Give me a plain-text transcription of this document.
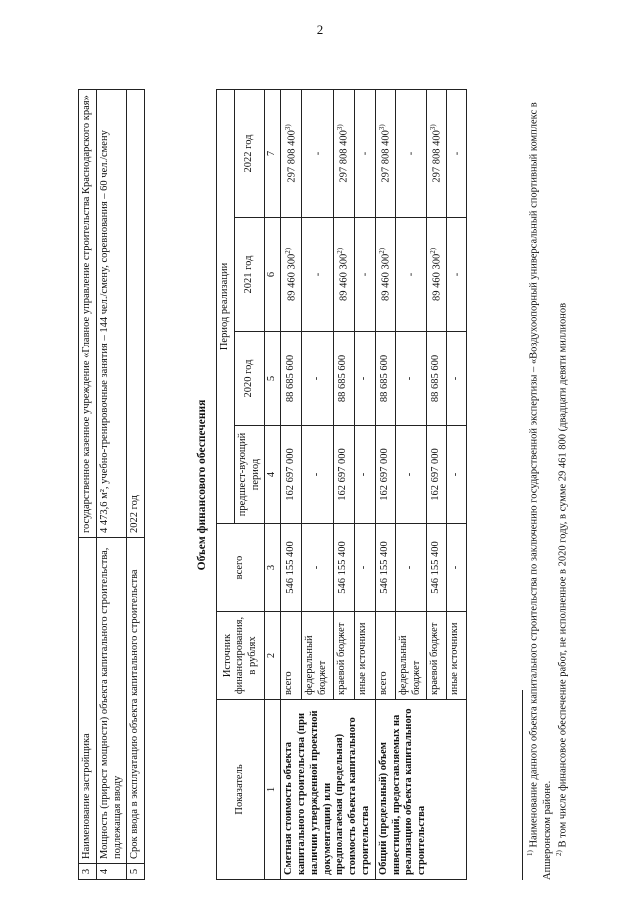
2
3	Наименование застройщика	государственное казенное учреждение «Главное управление строительства Краснодарского края»
4	Мощность (прирост мощности) объекта капитального строительства, подлежащая вводу	4 473,6 м², учебно-тренировочные занятия – 144 чел./смену, соревнования – 60 чел./смену
5	Срок ввода в эксплуатацию объекта капитального строительства	2022 год	Объем финансового обеспечения
Показатель	Источник финансирования, в рублях	всего	Период реализации			
			предшест-вующий период	2020 год	2021 год	2022 год
1	2	3	4	5	6	7
Сметная стоимость объекта капитального строительства (при наличии утвержденной проектной документации) или предполагаемая (предельная) стоимость объекта капитального строительства	всего	546 155 400	162 697 000	88 685 600	89 460 300$^{2)}$	297 808 400$^{3)}$
	федеральный бюджет	-	-	-	-	-
	краевой бюджет	546 155 400	162 697 000	88 685 600	89 460 300$^{2)}$	297 808 400$^{3)}$
	иные источники	-	-	-	-	-
Общий (предельный) объем инвестиций, предоставляемых на реализацию объекта капитального строительства	всего	546 155 400	162 697 000	88 685 600	89 460 300$^{2)}$	297 808 400$^{3)}$
	федеральный бюджет	-	-	-	-	-
	краевой бюджет	546 155 400	162 697 000	88 685 600	89 460 300$^{2)}$	297 808 400$^{3)}$
	иные источники	-	-	-	-	-

$^{1)}$ Наименование данного объекта капитального строительства по заключению государственной экспертизы – «Воздухоопорный универсальный спортивный комплекс в Апшеронском районе. $^{2)}$ В том числе финансовое обеспечение работ, не исполненное в 2020 году, в сумме 29 461 800 (двадцати девяти миллионов
